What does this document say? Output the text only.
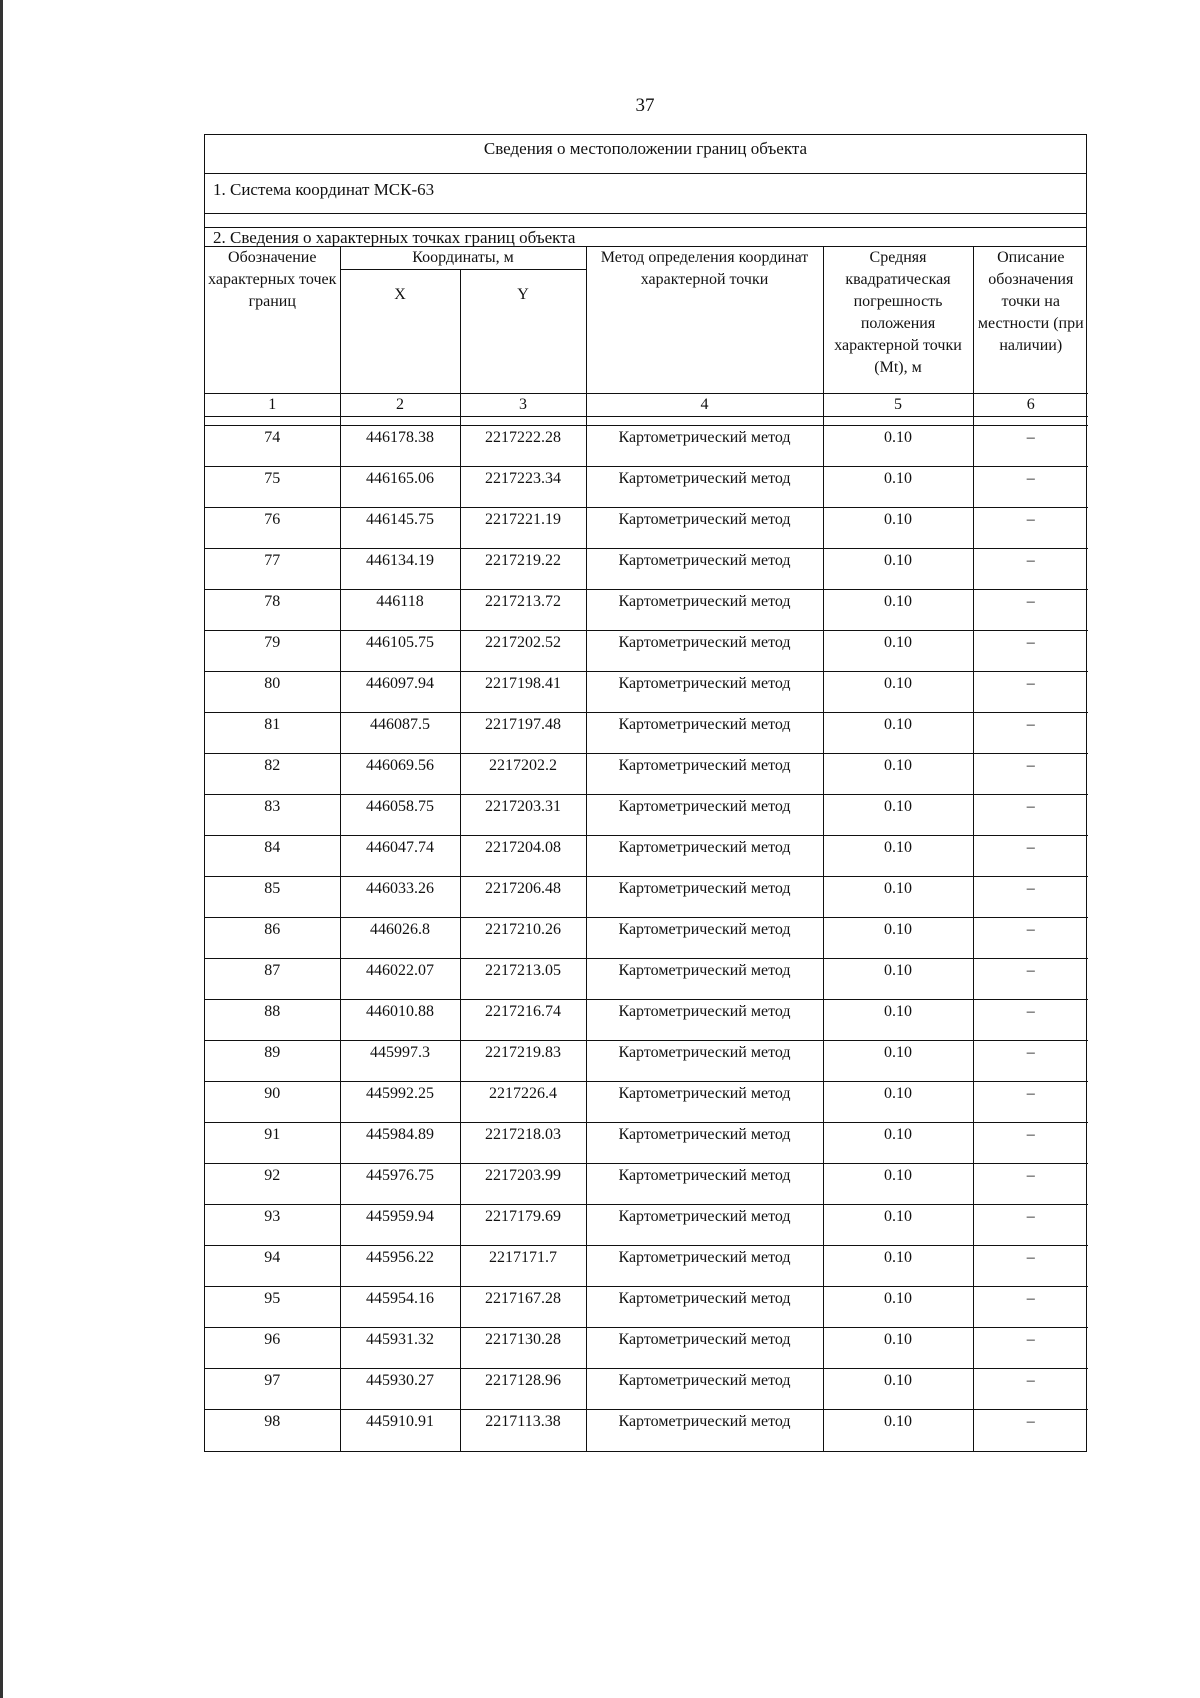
37
Сведения о местоположении границ объекта
1. Система координат МСК-63
2. Сведения о характерных точках границ объекта
Обозначение характерных точек границ	Координаты, м		Метод определения координат характерной точки	Средняя квадратическая погрешность положения характерной точки (Mt), м	Описание обозначения точки на местности (при наличии)
	X	Y			
1	2	3	4	5	6

74	446178.38	2217222.28	Картометрический метод	0.10	–
75	446165.06	2217223.34	Картометрический метод	0.10	–
76	446145.75	2217221.19	Картометрический метод	0.10	–
77	446134.19	2217219.22	Картометрический метод	0.10	–
78	446118	2217213.72	Картометрический метод	0.10	–
79	446105.75	2217202.52	Картометрический метод	0.10	–
80	446097.94	2217198.41	Картометрический метод	0.10	–
81	446087.5	2217197.48	Картометрический метод	0.10	–
82	446069.56	2217202.2	Картометрический метод	0.10	–
83	446058.75	2217203.31	Картометрический метод	0.10	–
84	446047.74	2217204.08	Картометрический метод	0.10	–
85	446033.26	2217206.48	Картометрический метод	0.10	–
86	446026.8	2217210.26	Картометрический метод	0.10	–
87	446022.07	2217213.05	Картометрический метод	0.10	–
88	446010.88	2217216.74	Картометрический метод	0.10	–
89	445997.3	2217219.83	Картометрический метод	0.10	–
90	445992.25	2217226.4	Картометрический метод	0.10	–
91	445984.89	2217218.03	Картометрический метод	0.10	–
92	445976.75	2217203.99	Картометрический метод	0.10	–
93	445959.94	2217179.69	Картометрический метод	0.10	–
94	445956.22	2217171.7	Картометрический метод	0.10	–
95	445954.16	2217167.28	Картометрический метод	0.10	–
96	445931.32	2217130.28	Картометрический метод	0.10	–
97	445930.27	2217128.96	Картометрический метод	0.10	–
98	445910.91	2217113.38	Картометрический метод	0.10	–
